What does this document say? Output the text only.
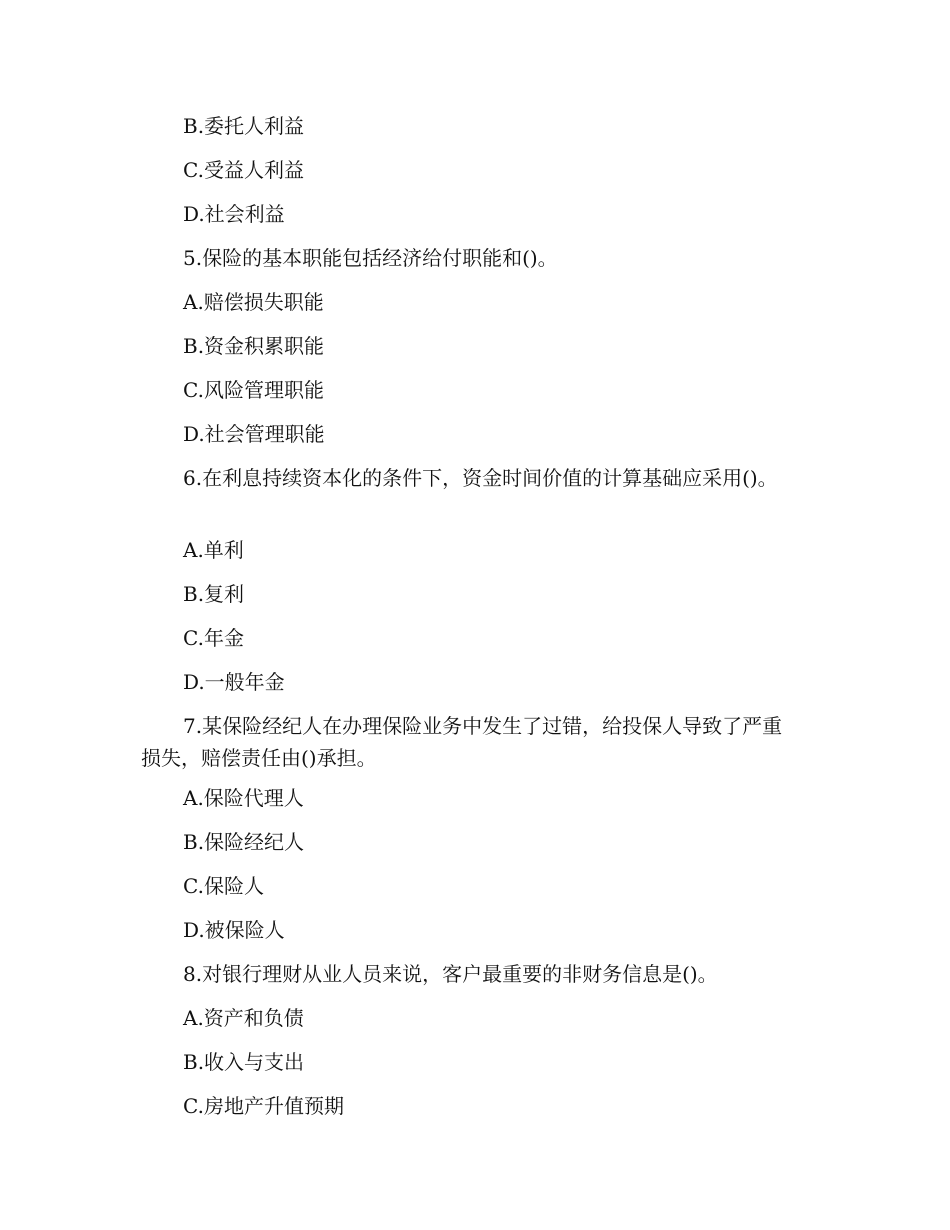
B.委托人利益
C.受益人利益
D.社会利益
5.保险的基本职能包括经济给付职能和()。
A.赔偿损失职能
B.资金积累职能
C.风险管理职能
D.社会管理职能
6.在利息持续资本化的条件下，资金时间价值的计算基础应采用()。
A.单利
B.复利
C.年金
D.一般年金
7.某保险经纪人在办理保险业务中发生了过错，给投保人导致了严重损失，赔偿责任由()承担。
A.保险代理人
B.保险经纪人
C.保险人
D.被保险人
8.对银行理财从业人员来说，客户最重要的非财务信息是()。
A.资产和负债
B.收入与支出
C.房地产升值预期
